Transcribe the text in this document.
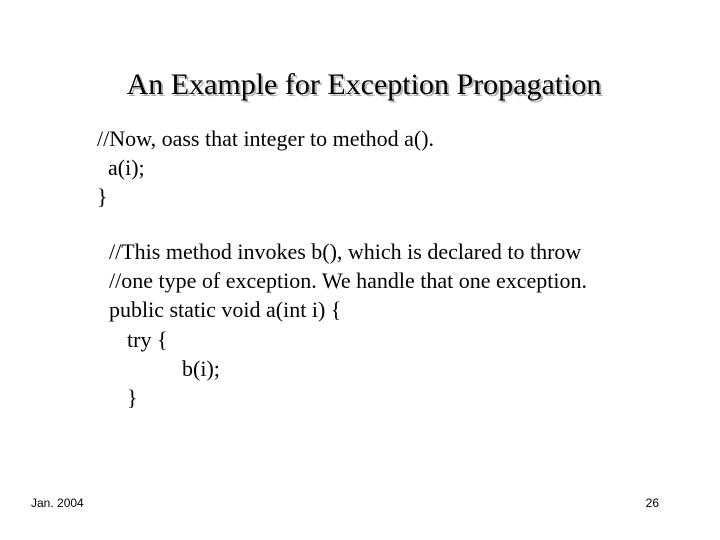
An Example for Exception Propagation
//Now, oass that integer to method a().
a(i);
}
//This method invokes b(), which is declared to throw
//one type of exception. We handle that one exception.
public static void a(int i) {
try {
b(i);
}
Jan. 2004	26
